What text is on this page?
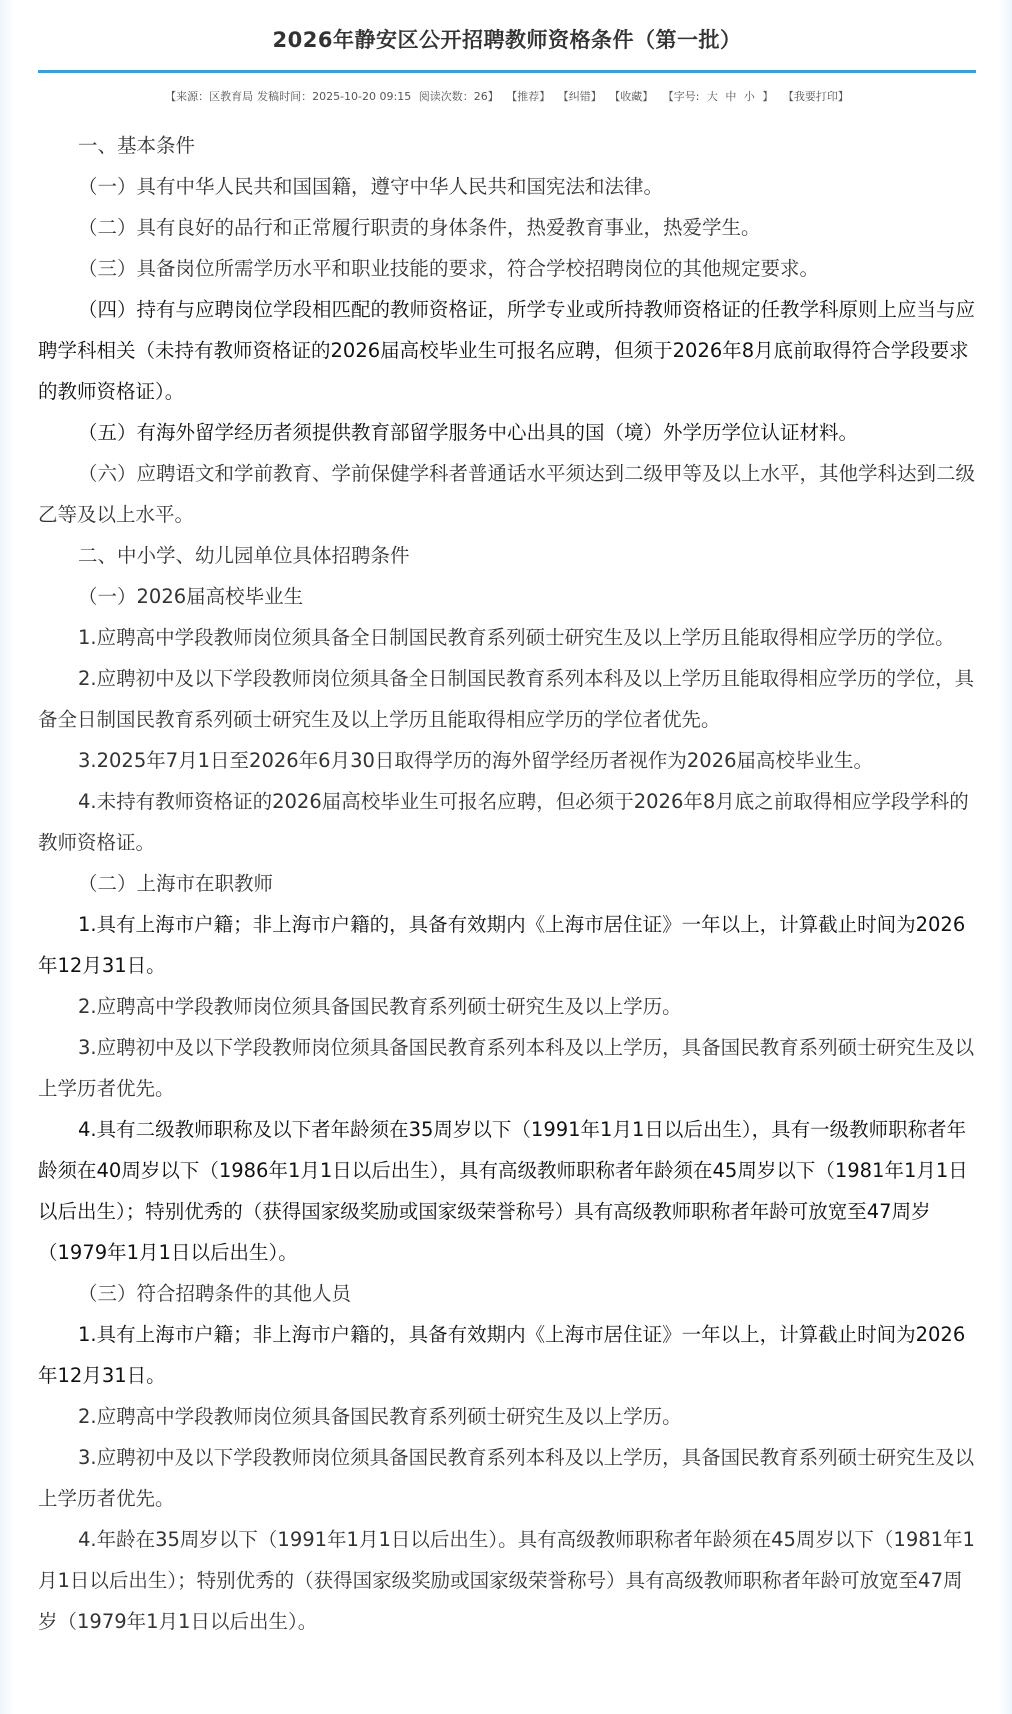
2026年静安区公开招聘教师资格条件（第一批）
【来源：区教育局 发稿时间：2025-10-20 09:15 阅读次数：26】 【推荐】 【纠错】 【收藏】 【字号: 大 中 小 】 【我要打印】

一、基本条件

（一）具有中华人民共和国国籍，遵守中华人民共和国宪法和法律。

（二）具有良好的品行和正常履行职责的身体条件，热爱教育事业，热爱学生。

（三）具备岗位所需学历水平和职业技能的要求，符合学校招聘岗位的其他规定要求。

（四）持有与应聘岗位学段相匹配的教师资格证，所学专业或所持教师资格证的任教学科原则上应当与应聘学科相关（未持有教师资格证的2026届高校毕业生可报名应聘，但须于2026年8月底前取得符合学段要求的教师资格证）。

（五）有海外留学经历者须提供教育部留学服务中心出具的国（境）外学历学位认证材料。

（六）应聘语文和学前教育、学前保健学科者普通话水平须达到二级甲等及以上水平，其他学科达到二级乙等及以上水平。

二、中小学、幼儿园单位具体招聘条件

（一）2026届高校毕业生

1.应聘高中学段教师岗位须具备全日制国民教育系列硕士研究生及以上学历且能取得相应学历的学位。

2.应聘初中及以下学段教师岗位须具备全日制国民教育系列本科及以上学历且能取得相应学历的学位，具备全日制国民教育系列硕士研究生及以上学历且能取得相应学历的学位者优先。

3.2025年7月1日至2026年6月30日取得学历的海外留学经历者视作为2026届高校毕业生。

4.未持有教师资格证的2026届高校毕业生可报名应聘，但必须于2026年8月底之前取得相应学段学科的教师资格证。

（二）上海市在职教师

1.具有上海市户籍；非上海市户籍的，具备有效期内《上海市居住证》一年以上，计算截止时间为2026年12月31日。

2.应聘高中学段教师岗位须具备国民教育系列硕士研究生及以上学历。

3.应聘初中及以下学段教师岗位须具备国民教育系列本科及以上学历，具备国民教育系列硕士研究生及以上学历者优先。

4.具有二级教师职称及以下者年龄须在35周岁以下（1991年1月1日以后出生），具有一级教师职称者年龄须在40周岁以下（1986年1月1日以后出生），具有高级教师职称者年龄须在45周岁以下（1981年1月1日以后出生）；特别优秀的（获得国家级奖励或国家级荣誉称号）具有高级教师职称者年龄可放宽至47周岁（1979年1月1日以后出生）。

（三）符合招聘条件的其他人员

1.具有上海市户籍；非上海市户籍的，具备有效期内《上海市居住证》一年以上，计算截止时间为2026年12月31日。

2.应聘高中学段教师岗位须具备国民教育系列硕士研究生及以上学历。

3.应聘初中及以下学段教师岗位须具备国民教育系列本科及以上学历，具备国民教育系列硕士研究生及以上学历者优先。

4.年龄在35周岁以下（1991年1月1日以后出生）。具有高级教师职称者年龄须在45周岁以下（1981年1月1日以后出生）；特别优秀的（获得国家级奖励或国家级荣誉称号）具有高级教师职称者年龄可放宽至47周岁（1979年1月1日以后出生）。
